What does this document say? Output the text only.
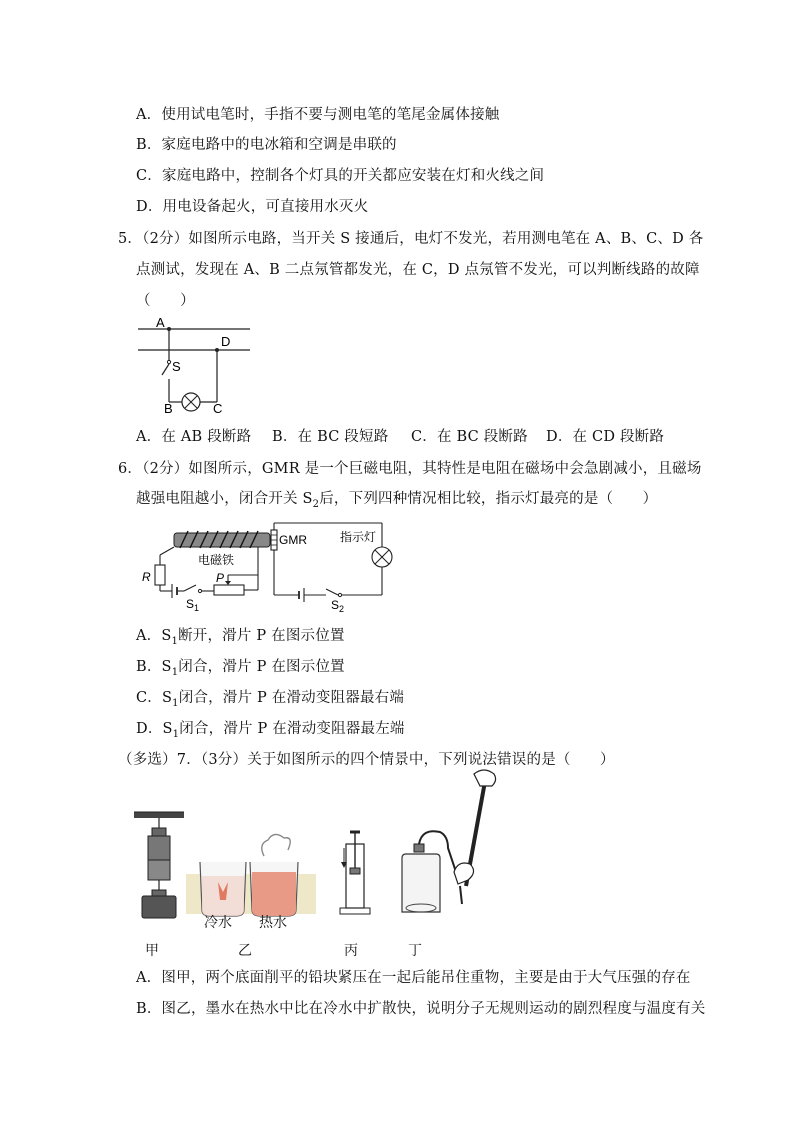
A．使用试电笔时，手指不要与测电笔的笔尾金属体接触
B．家庭电路中的电冰箱和空调是串联的
C．家庭电路中，控制各个灯具的开关都应安装在灯和火线之间
D．用电设备起火，可直接用水灭火
5．（2分）如图所示电路，当开关 S 接通后，电灯不发光，若用测电笔在 A、B、C、D 各
点测试，发现在 A、B 二点氖管都发光，在 C，D 点氖管不发光，可以判断线路的故障
（　　）
A
D
S
B	C
A．在 AB 段断路 B．在 BC 段短路 C．在 BC 段断路 D．在 CD 段断路
6．（2分）如图所示，GMR 是一个巨磁电阻，其特性是电阻在磁场中会急剧减小，且磁场
越强电阻越小，闭合开关 $S_2$后，下列四种情况相比较，指示灯最亮的是（　　）
电磁铁
R	P
$S_1$
GMR	指示灯
$S_2$
A．$S_1$断开，滑片 P 在图示位置
B．$S_1$闭合，滑片 P 在图示位置
C．$S_1$闭合，滑片 P 在滑动变阻器最右端
D．$S_1$闭合，滑片 P 在滑动变阻器最左端
（多选）7．（3分）关于如图所示的四个情景中，下列说法错误的是（　　）
冷水 热水
甲	乙	丙	丁
A．图甲，两个底面削平的铅块紧压在一起后能吊住重物，主要是由于大气压强的存在
B．图乙，墨水在热水中比在冷水中扩散快，说明分子无规则运动的剧烈程度与温度有关
